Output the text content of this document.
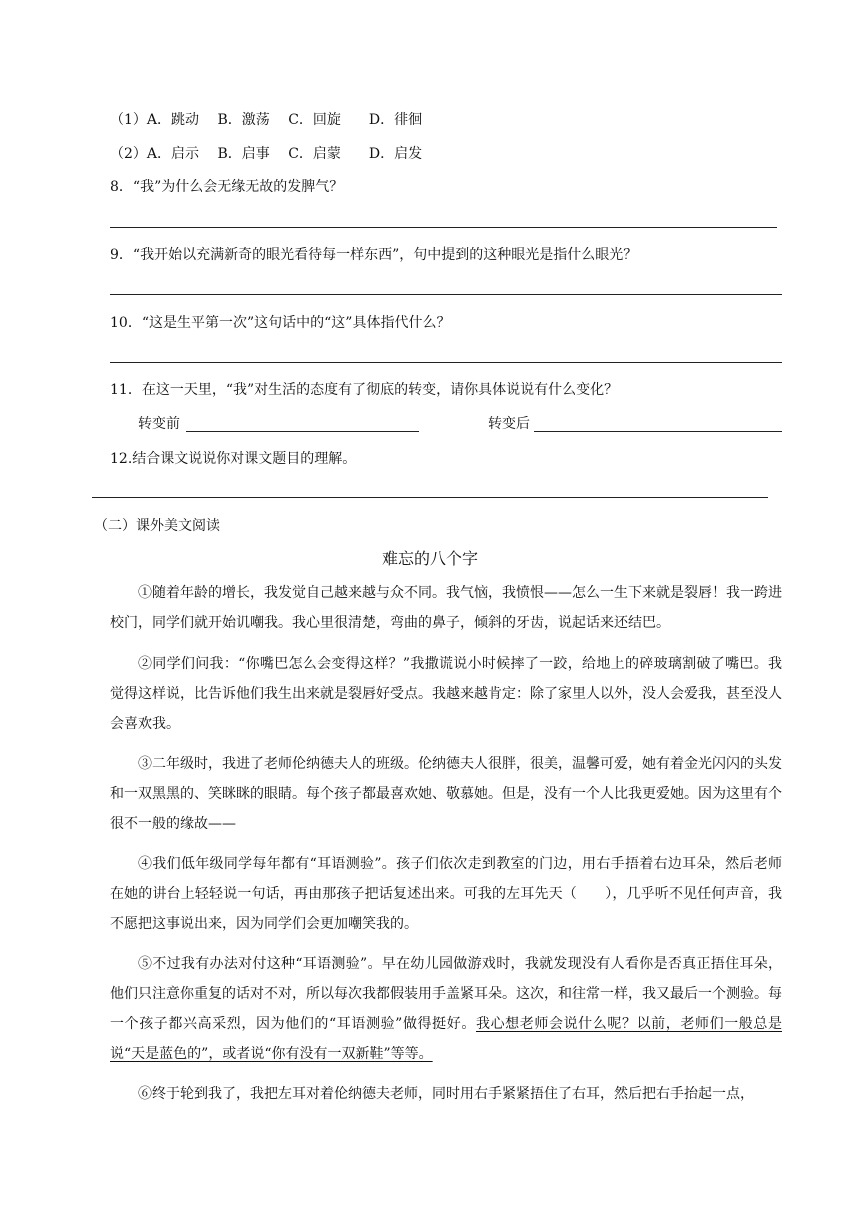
（1）A．跳动　 B．激荡　 C．回旋　　D．徘徊
（2）A．启示　 B．启事　 C．启蒙　　D．启发
8．“我”为什么会无缘无故的发脾气？
9．“我开始以充满新奇的眼光看待每一样东西”，句中提到的这种眼光是指什么眼光？
10．“这是生平第一次”这句话中的“这”具体指代什么？
11．在这一天里，“我”对生活的态度有了彻底的转变，请你具体说说有什么变化？
转变前	转变后
12.结合课文说说你对课文题目的理解。
（二）课外美文阅读
难忘的八个字
①随着年龄的增长，我发觉自己越来越与众不同。我气恼，我愤恨——怎么一生下来就是裂唇！我一跨进校门，同学们就开始讥嘲我。我心里很清楚，弯曲的鼻子，倾斜的牙齿，说起话来还结巴。
②同学们问我：“你嘴巴怎么会变得这样？”我撒谎说小时候摔了一跤，给地上的碎玻璃割破了嘴巴。我觉得这样说，比告诉他们我生出来就是裂唇好受点。我越来越肯定：除了家里人以外，没人会爱我，甚至没人会喜欢我。
③二年级时，我进了老师伦纳德夫人的班级。伦纳德夫人很胖，很美，温馨可爱，她有着金光闪闪的头发和一双黑黑的、笑眯眯的眼睛。每个孩子都最喜欢她、敬慕她。但是，没有一个人比我更爱她。因为这里有个很不一般的缘故——
④我们低年级同学每年都有“耳语测验”。孩子们依次走到教室的门边，用右手捂着右边耳朵，然后老师在她的讲台上轻轻说一句话，再由那孩子把话复述出来。可我的左耳先天（　　），几乎听不见任何声音，我不愿把这事说出来，因为同学们会更加嘲笑我的。
⑤不过我有办法对付这种“耳语测验”。早在幼儿园做游戏时，我就发现没有人看你是否真正捂住耳朵，他们只注意你重复的话对不对，所以每次我都假装用手盖紧耳朵。这次，和往常一样，我又最后一个测验。每一个孩子都兴高采烈，因为他们的“耳语测验”做得挺好。我心想老师会说什么呢？以前，老师们一般总是说“天是蓝色的”，或者说“你有没有一双新鞋”等等。
⑥终于轮到我了，我把左耳对着伦纳德夫老师，同时用右手紧紧捂住了右耳，然后把右手抬起一点，
